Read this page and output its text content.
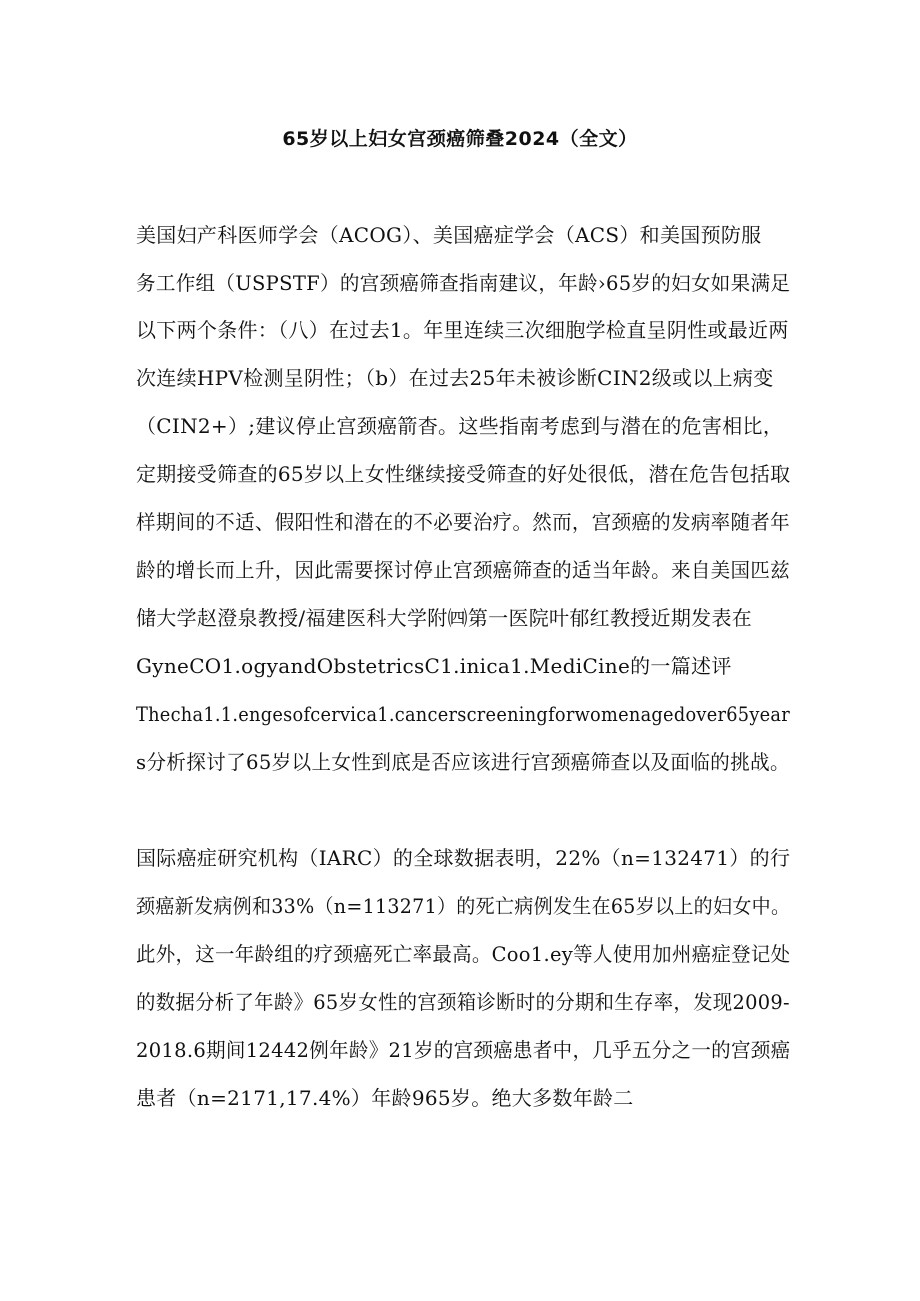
65岁以上妇女宫颈癌筛叠2024（全文）
美国妇产科医师学会（ACOG）、美国癌症学会（ACS）和美国预防服
务工作组（USPSTF）的宫颈癌筛查指南建议，年龄›65岁的妇女如果满足
以下两个条件：（八）在过去1。年里连续三次细胞学检直呈阴性或最近两
次连续HPV检测呈阴性；（b）在过去25年未被诊断CIN2级或以上病变
（CIN2+）;建议停止宫颈癌箭杳。这些指南考虑到与潜在的危害相比，
定期接受筛查的65岁以上女性继续接受筛查的好处很低，潜在危告包括取
样期间的不适、假阳性和潜在的不必要治疗。然而，宫颈癌的发病率随者年
龄的增长而上升，因此需要探讨停止宫颈癌筛查的适当年龄。来自美国匹兹
储大学赵澄泉教授/福建医科大学附㈣第一医院叶郁红教授近期发表在
GyneCO1.ogyandObstetricsC1.inica1.MediCine的一篇述评
Thecha1.1.engesofcervica1.cancerscreeningforwomenagedover65year
s分析探讨了65岁以上女性到底是否应该进行宫颈癌筛查以及面临的挑战。
国际癌症研究机构（IARC）的全球数据表明，22%（n=132471）的行
颈癌新发病例和33%（n=113271）的死亡病例发生在65岁以上的妇女中。
此外，这一年龄组的疗颈癌死亡率最高。Coo1.ey等人使用加州癌症登记处
的数据分析了年龄》65岁女性的宫颈箱诊断时的分期和生存率，发现2009-
2018.6期间12442例年龄》21岁的宫颈癌患者中，几乎五分之一的宫颈癌
患者（n=2171,17.4%）年龄965岁。绝大多数年龄二
